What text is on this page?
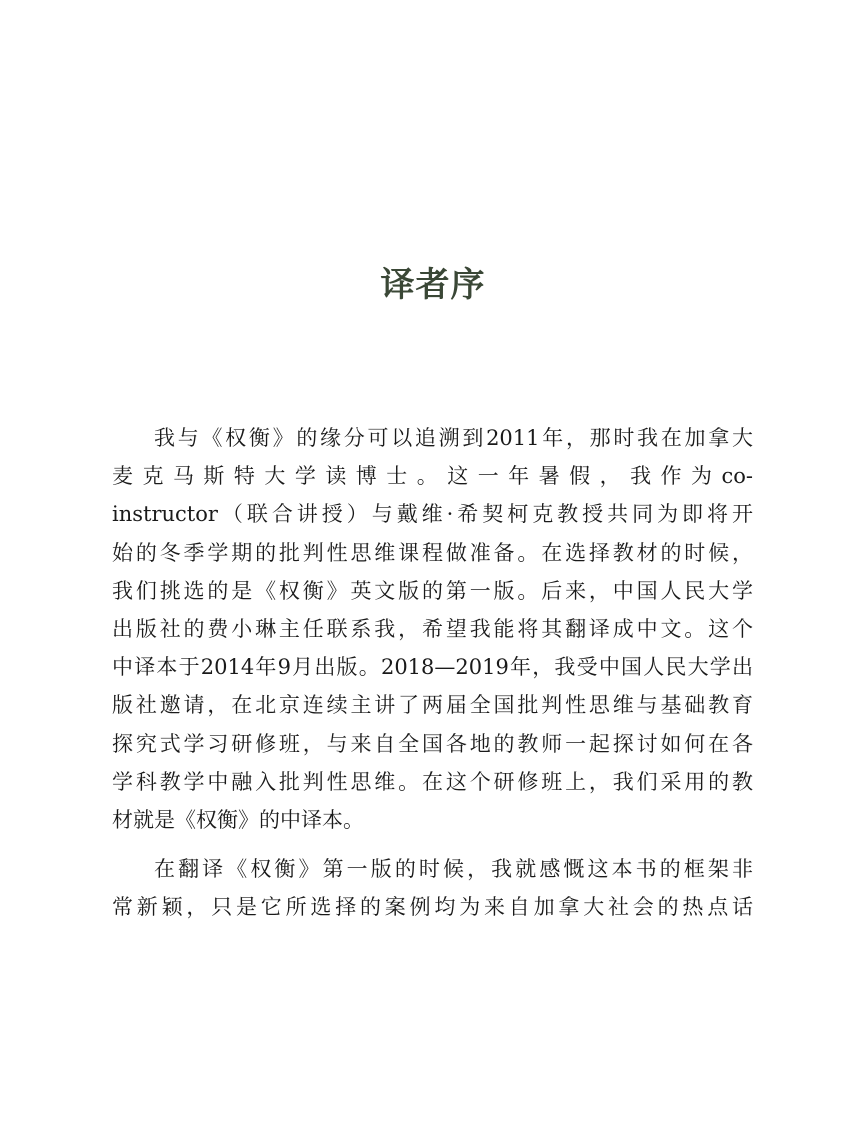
译者序

我与《权衡》的缘分可以追溯到2011年，那时我在加拿大
麦克马斯特大学读博士。这一年暑假，我作为co-
instructor（联合讲授）与戴维·希契柯克教授共同为即将开
始的冬季学期的批判性思维课程做准备。在选择教材的时候，
我们挑选的是《权衡》英文版的第一版。后来，中国人民大学
出版社的费小琳主任联系我，希望我能将其翻译成中文。这个
中译本于2014年9月出版。2018—2019年，我受中国人民大学出
版社邀请，在北京连续主讲了两届全国批判性思维与基础教育
探究式学习研修班，与来自全国各地的教师一起探讨如何在各
学科教学中融入批判性思维。在这个研修班上，我们采用的教
材就是《权衡》的中译本。

在翻译《权衡》第一版的时候，我就感慨这本书的框架非
常新颖，只是它所选择的案例均为来自加拿大社会的热点话
